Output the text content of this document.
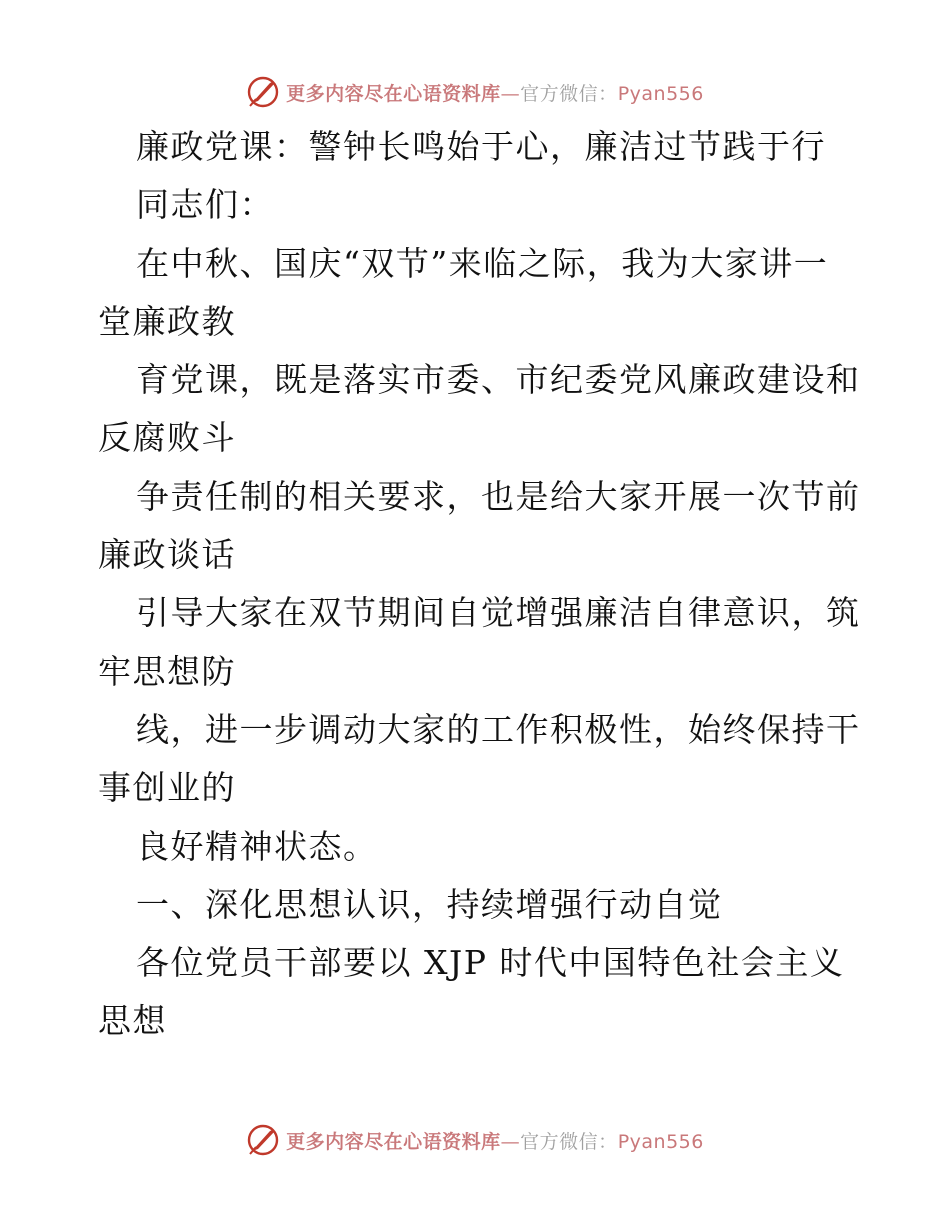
更多内容尽在心语资料库—官方微信：Pyan556
廉政党课：警钟长鸣始于心，廉洁过节践于行
同志们：
在中秋、国庆“双节”来临之际，我为大家讲一
堂廉政教
育党课，既是落实市委、市纪委党风廉政建设和
反腐败斗
争责任制的相关要求，也是给大家开展一次节前
廉政谈话
引导大家在双节期间自觉增强廉洁自律意识，筑
牢思想防
线，进一步调动大家的工作积极性，始终保持干
事创业的
良好精神状态。
一、深化思想认识，持续增强行动自觉
各位党员干部要以 XJP 时代中国特色社会主义
思想
更多内容尽在心语资料库—官方微信：Pyan556
